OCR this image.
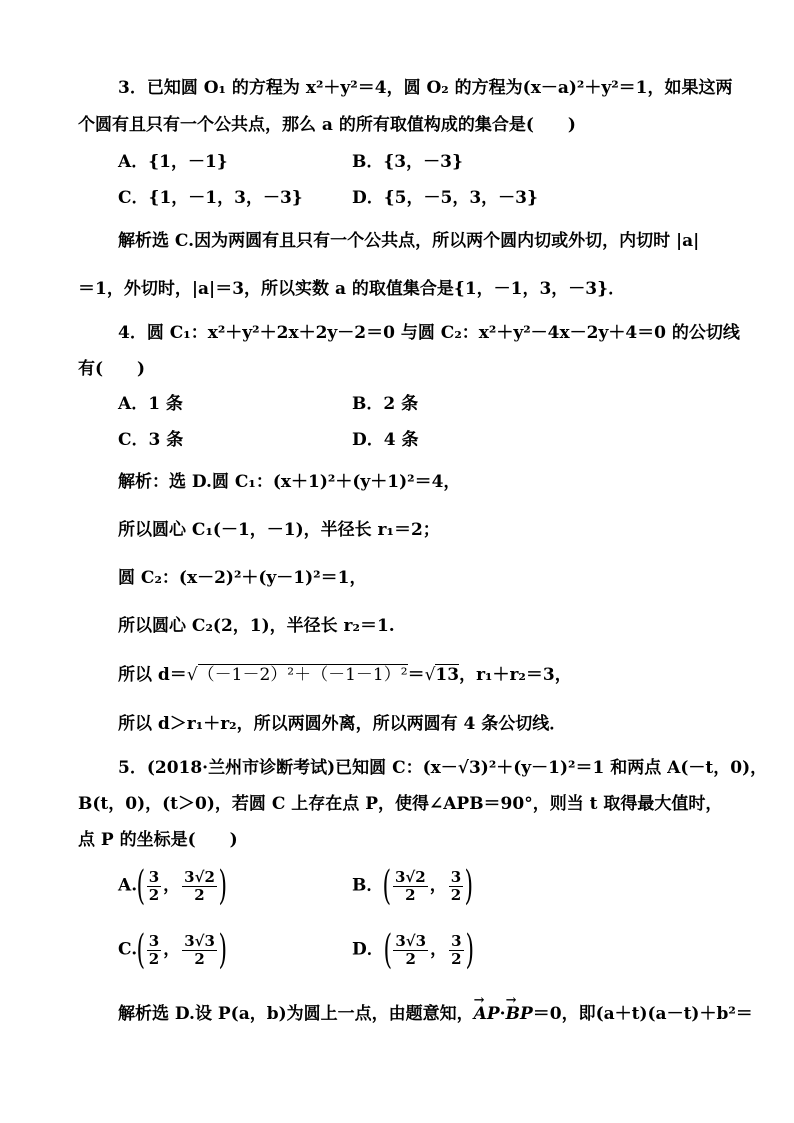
3．已知圆 O₁ 的方程为 x²＋y²＝4，圆 O₂ 的方程为(x－a)²＋y²＝1，如果这两
个圆有且只有一个公共点，那么 a 的所有取值构成的集合是(　　)
A．{1，－1}	B．{3，－3}
C．{1，－1，3，－3}	D．{5，－5，3，－3}
解析选 C.因为两圆有且只有一个公共点，所以两个圆内切或外切，内切时 |a|
＝1，外切时，|a|＝3，所以实数 a 的取值集合是{1，－1，3，－3}．
4．圆 C₁：x²＋y²＋2x＋2y－2＝0 与圆 C₂：x²＋y²－4x－2y＋4＝0 的公切线
有(　　)
A．1 条	B．2 条
C．3 条	D．4 条
解析：选 D.圆 C₁：(x＋1)²＋(y＋1)²＝4，
所以圆心 C₁(－1，－1)，半径长 r₁＝2；
圆 C₂：(x－2)²＋(y－1)²＝1，
所以圆心 C₂(2，1)，半径长 r₂＝1.
所以 d＝√（－1－2）²＋（－1－1）²＝√13，r₁＋r₂＝3，
所以 d＞r₁＋r₂，所以两圆外离，所以两圆有 4 条公切线．
5．(2018·兰州市诊断考试)已知圆 C：(x－√3)²＋(y－1)²＝1 和两点 A(－t，0)，
B(t，0)，(t＞0)，若圆 C 上存在点 P，使得∠APB＝90°，则当 t 取得最大值时，
点 P 的坐标是(　　)
$A.( \frac{3}{2}$ ， $\frac{3√2}{2}$ )	B．( $\frac{3√2}{2}$ ， $\frac{3}{2}$ )
$C.( \frac{3}{2}$ ， $\frac{3√3}{2}$ )	D．( $\frac{3√3}{2}$ ， $\frac{3}{2}$ )
解析选 D.设 P(a，b)为圆上一点，由题意知，→ AP·→ BP＝0，即(a＋t)(a－t)＋b²＝
